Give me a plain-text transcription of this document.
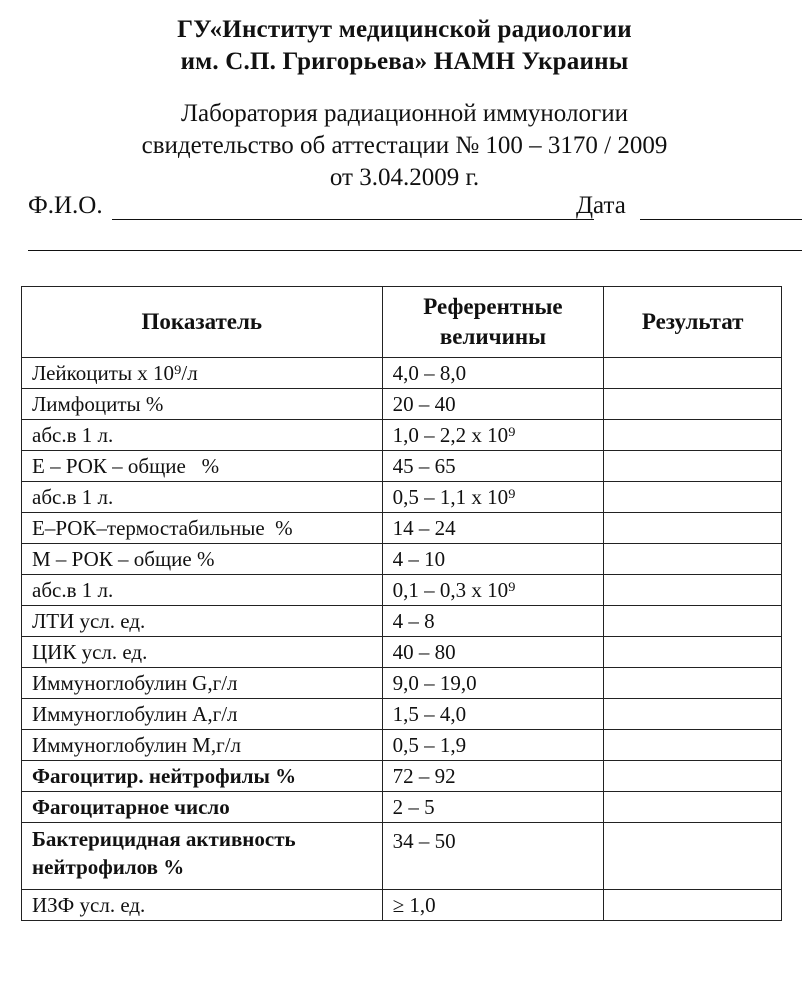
ГУ«Институт медицинской радиологии
им. С.П. Григорьева» НАМН Украины
Лаборатория радиационной иммунологии
свидетельство об аттестации № 100 – 3170 / 2009
от 3.04.2009 г.
Ф.И.О.	Дата
Показатель	Референтные величины	Результат
Лейкоциты х 10⁹/л	4,0 – 8,0	
Лимфоциты %	20 – 40	
абс.в 1 л.	1,0 – 2,2 х 10⁹	
Е – РОК – общие   %	45 – 65	
абс.в 1 л.	0,5 – 1,1 х 10⁹	
Е–РОК–термостабильные  %	14 – 24	
М – РОК – общие %	4 – 10	
абс.в 1 л.	0,1 – 0,3 х 10⁹	
ЛТИ усл. ед.	4 – 8	
ЦИК усл. ед.	40 – 80	
Иммуноглобулин G,г/л	9,0 – 19,0	
Иммуноглобулин А,г/л	1,5 – 4,0	
Иммуноглобулин М,г/л	0,5 – 1,9	
Фагоцитир. нейтрофилы %	72 – 92	
Фагоцитарное число	2 – 5	
Бактерицидная активность нейтрофилов %	34 – 50	
ИЗФ усл. ед.	≥ 1,0	
